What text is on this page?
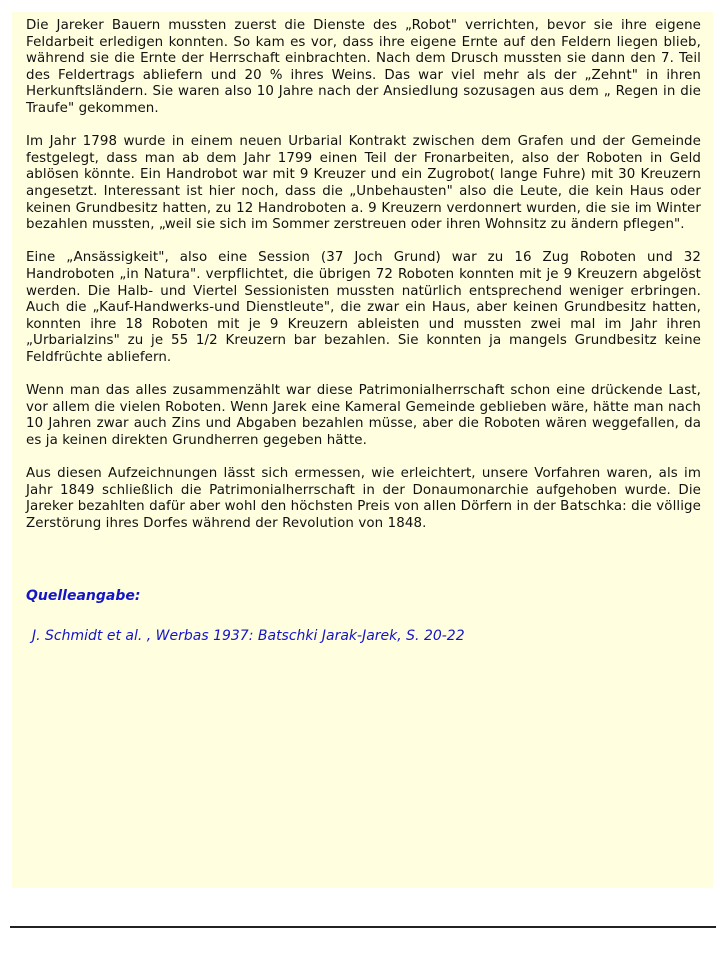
Die Jareker Bauern mussten zuerst die Dienste des „Robot" verrichten, bevor sie ihre eigene Feldarbeit erledigen konnten. So kam es vor, dass ihre eigene Ernte auf den Feldern liegen blieb, während sie die Ernte der Herrschaft einbrachten. Nach dem Drusch mussten sie dann den 7. Teil des Feldertrags abliefern und 20 % ihres Weins. Das war viel mehr als der „Zehnt" in ihren Herkunftsländern. Sie waren also 10 Jahre nach der Ansiedlung sozusagen aus dem „ Regen in die Traufe" gekommen.

Im Jahr 1798 wurde in einem neuen Urbarial Kontrakt zwischen dem Grafen und der Gemeinde festgelegt, dass man ab dem Jahr 1799 einen Teil der Fronarbeiten, also der Roboten in Geld ablösen könnte. Ein Handrobot war mit 9 Kreuzer und ein Zugrobot( lange Fuhre) mit 30 Kreuzern angesetzt. Interessant ist hier noch, dass die „Unbehausten" also die Leute, die kein Haus oder keinen Grundbesitz hatten, zu 12 Handroboten a. 9 Kreuzern verdonnert wurden, die sie im Winter bezahlen mussten, „weil sie sich im Sommer zerstreuen oder ihren Wohnsitz zu ändern pflegen".

Eine „Ansässigkeit", also eine Session (37 Joch Grund) war zu 16 Zug Roboten und 32 Handroboten „in Natura". verpflichtet, die übrigen 72 Roboten konnten mit je 9 Kreuzern abgelöst werden. Die Halb- und Viertel Sessionisten mussten natürlich entsprechend weniger erbringen. Auch die „Kauf-Handwerks-und Dienstleute", die zwar ein Haus, aber keinen Grundbesitz hatten, konnten ihre 18 Roboten mit je 9 Kreuzern ableisten und mussten zwei mal im Jahr ihren „Urbarialzins" zu je 55 1/2 Kreuzern bar bezahlen. Sie konnten ja mangels Grundbesitz keine Feldfrüchte abliefern.

Wenn man das alles zusammenzählt war diese Patrimonialherrschaft schon eine drückende Last, vor allem die vielen Roboten. Wenn Jarek eine Kameral Gemeinde geblieben wäre, hätte man nach 10 Jahren zwar auch Zins und Abgaben bezahlen müsse, aber die Roboten wären weggefallen, da es ja keinen direkten Grundherren gegeben hätte.

Aus diesen Aufzeichnungen lässt sich ermessen, wie erleichtert, unsere Vorfahren waren, als im Jahr 1849 schließlich die Patrimonialherrschaft in der Donaumonarchie aufgehoben wurde. Die Jareker bezahlten dafür aber wohl den höchsten Preis von allen Dörfern in der Batschka: die völlige Zerstörung ihres Dorfes während der Revolution von 1848.

Quelleangabe:
J. Schmidt et al. , Werbas 1937: Batschki Jarak-Jarek, S. 20-22
